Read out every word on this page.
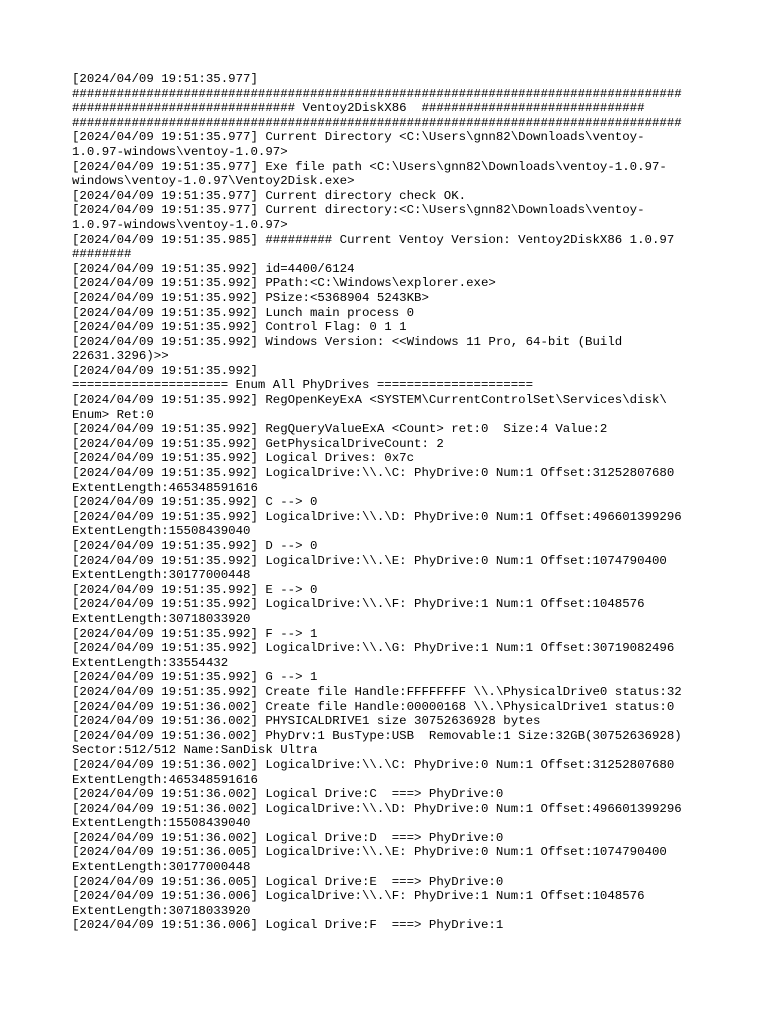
[2024/04/09 19:51:35.977]
##################################################################################
############################## Ventoy2DiskX86  ##############################
##################################################################################
[2024/04/09 19:51:35.977] Current Directory <C:\Users\gnn82\Downloads\ventoy-
1.0.97-windows\ventoy-1.0.97>
[2024/04/09 19:51:35.977] Exe file path <C:\Users\gnn82\Downloads\ventoy-1.0.97-
windows\ventoy-1.0.97\Ventoy2Disk.exe>
[2024/04/09 19:51:35.977] Current directory check OK.
[2024/04/09 19:51:35.977] Current directory:<C:\Users\gnn82\Downloads\ventoy-
1.0.97-windows\ventoy-1.0.97>
[2024/04/09 19:51:35.985] ######### Current Ventoy Version: Ventoy2DiskX86 1.0.97
########
[2024/04/09 19:51:35.992] id=4400/6124
[2024/04/09 19:51:35.992] PPath:<C:\Windows\explorer.exe>
[2024/04/09 19:51:35.992] PSize:<5368904 5243KB>
[2024/04/09 19:51:35.992] Lunch main process 0
[2024/04/09 19:51:35.992] Control Flag: 0 1 1
[2024/04/09 19:51:35.992] Windows Version: <<Windows 11 Pro, 64-bit (Build
22631.3296)>>
[2024/04/09 19:51:35.992]
===================== Enum All PhyDrives =====================
[2024/04/09 19:51:35.992] RegOpenKeyExA <SYSTEM\CurrentControlSet\Services\disk\
Enum> Ret:0
[2024/04/09 19:51:35.992] RegQueryValueExA <Count> ret:0  Size:4 Value:2
[2024/04/09 19:51:35.992] GetPhysicalDriveCount: 2
[2024/04/09 19:51:35.992] Logical Drives: 0x7c
[2024/04/09 19:51:35.992] LogicalDrive:\\.\C: PhyDrive:0 Num:1 Offset:31252807680
ExtentLength:465348591616
[2024/04/09 19:51:35.992] C --> 0
[2024/04/09 19:51:35.992] LogicalDrive:\\.\D: PhyDrive:0 Num:1 Offset:496601399296
ExtentLength:15508439040
[2024/04/09 19:51:35.992] D --> 0
[2024/04/09 19:51:35.992] LogicalDrive:\\.\E: PhyDrive:0 Num:1 Offset:1074790400
ExtentLength:30177000448
[2024/04/09 19:51:35.992] E --> 0
[2024/04/09 19:51:35.992] LogicalDrive:\\.\F: PhyDrive:1 Num:1 Offset:1048576
ExtentLength:30718033920
[2024/04/09 19:51:35.992] F --> 1
[2024/04/09 19:51:35.992] LogicalDrive:\\.\G: PhyDrive:1 Num:1 Offset:30719082496
ExtentLength:33554432
[2024/04/09 19:51:35.992] G --> 1
[2024/04/09 19:51:35.992] Create file Handle:FFFFFFFF \\.\PhysicalDrive0 status:32
[2024/04/09 19:51:36.002] Create file Handle:00000168 \\.\PhysicalDrive1 status:0
[2024/04/09 19:51:36.002] PHYSICALDRIVE1 size 30752636928 bytes
[2024/04/09 19:51:36.002] PhyDrv:1 BusType:USB  Removable:1 Size:32GB(30752636928)
Sector:512/512 Name:SanDisk Ultra
[2024/04/09 19:51:36.002] LogicalDrive:\\.\C: PhyDrive:0 Num:1 Offset:31252807680
ExtentLength:465348591616
[2024/04/09 19:51:36.002] Logical Drive:C  ===> PhyDrive:0
[2024/04/09 19:51:36.002] LogicalDrive:\\.\D: PhyDrive:0 Num:1 Offset:496601399296
ExtentLength:15508439040
[2024/04/09 19:51:36.002] Logical Drive:D  ===> PhyDrive:0
[2024/04/09 19:51:36.005] LogicalDrive:\\.\E: PhyDrive:0 Num:1 Offset:1074790400
ExtentLength:30177000448
[2024/04/09 19:51:36.005] Logical Drive:E  ===> PhyDrive:0
[2024/04/09 19:51:36.006] LogicalDrive:\\.\F: PhyDrive:1 Num:1 Offset:1048576
ExtentLength:30718033920
[2024/04/09 19:51:36.006] Logical Drive:F  ===> PhyDrive:1
